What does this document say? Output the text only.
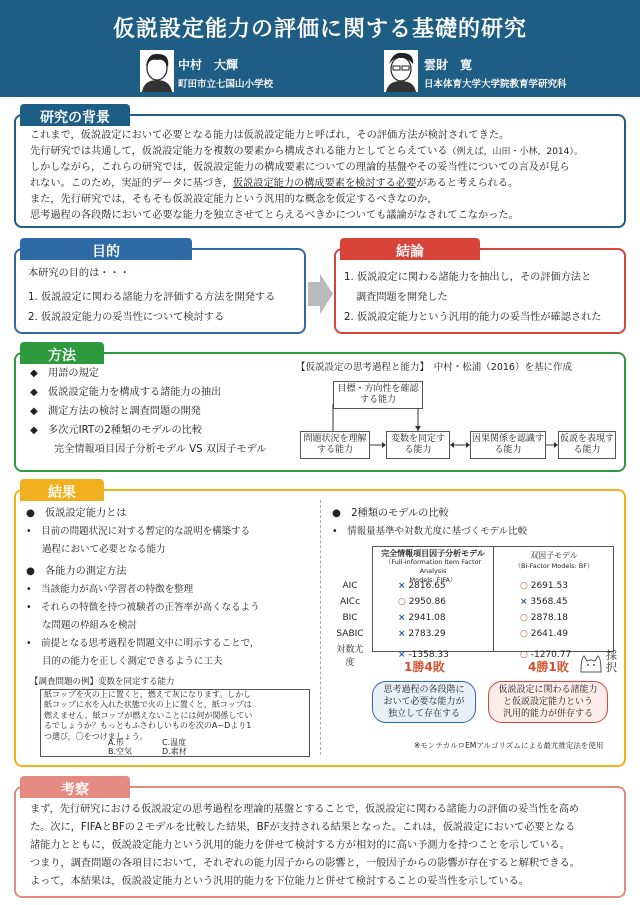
仮説設定能力の評価に関する基礎的研究
中村　大輝
町田市立七国山小学校
雲財　寛
日本体育大学大学院教育学研究科
研究の背景
これまで，仮説設定において必要となる能力は仮説設定能力と呼ばれ，その評価方法が検討されてきた。
先行研究では共通して，仮説設定能力を複数の要素から構成される能力としてとらえている（例えば，山田・小林，2014）。
しかしながら，これらの研究では，仮説設定能力の構成要素についての理論的基盤やその妥当性についての言及が見ら
れない。このため，実証的データに基づき，仮説設定能力の構成要素を検討する必要があると考えられる。
また，先行研究では，そもそも仮説設定能力という汎用的な概念を仮定するべきなのか，
思考過程の各段階において必要な能力を独立させてとらえるべきかについても議論がなされてこなかった。
目的
本研究の目的は・・・
1. 仮説設定に関わる諸能力を評価する方法を開発する
2. 仮説設定能力の妥当性について検討する
結論
1. 仮説設定に関わる諸能力を抽出し，その評価方法と
調査問題を開発した
2. 仮説設定能力という汎用的能力の妥当性が確認された
方法
◆　用語の規定
◆　仮説設定能力を構成する諸能力の抽出
◆　測定方法の検討と調査問題の開発
◆　多次元IRTの2種類のモデルの比較
完全情報項目因子分析モデル VS 双因子モデル
【仮説設定の思考過程と能力】　 中村・松浦（2016）を基に作成
目標・方向性を確認する能力
問題状況を理解する能力
変数を同定する能力
因果関係を認識する能力
仮説を表現する能力
結果
●　仮説設定能力とは
•　目前の問題状況に対する暫定的な説明を構築する
過程において必要となる能力
●　各能力の測定方法
•　当該能力が高い学習者の特徴を整理
•　それらの特徴を持つ被験者の正答率が高くなるよう
な問題の枠組みを検討
•　前提となる思考過程を問題文中に明示することで，
目的の能力を正しく測定できるように工夫
【調査問題の例】変数を同定する能力
紙コップを火の上に置くと，燃えて灰になります。しかし
紙コップに水を入れた状態で火の上に置くと，紙コップは
燃えません。紙コップが燃えないことには何が関係してい
るでしょうか？もっともふさわしいものを次のA~Dより1
つ選び，〇をつけましょう。
A.形	C.温度
B.空気	D.素材
●　2種類のモデルの比較
•　情報量基準や対数尤度に基づくモデル比較
完全情報項目因子分析モデル
（Full-information Item Factor Analysis
Models: FIFA）
双因子モデル
（Bi-Factor Models: BF）
AIC	× 2816.65	○ 2691.53
AICc	○ 2950.86	× 3568.45
BIC	× 2941.08	○ 2878.18
SABIC	× 2783.29	○ 2641.49
対数尤度	× -1358.33	○ -1270.77
1勝4敗	4勝1敗
採択
思考過程の各段階に
おいて必要な能力が
独立して存在する
仮説設定に関わる諸能力
と仮説設定能力という
汎用的能力が併存する
※モンテカルロEMアルゴリズムによる最尤推定法を使用
考察
まず，先行研究における仮説設定の思考過程を理論的基盤とすることで，仮説設定に関わる諸能力の評価の妥当性を高め
た。次に，FIFAとBFの２モデルを比較した結果，BFが支持される結果となった。これは，仮説設定において必要となる
諸能力とともに，仮説設定能力という汎用的能力を併せて検討する方が相対的に高い予測力を持つことを示している。
つまり，調査問題の各項目において，それぞれの能力因子からの影響と，一般因子からの影響が存在すると解釈できる。
よって，本結果は，仮説設定能力という汎用的能力を下位能力と併せて検討することの妥当性を示している。
